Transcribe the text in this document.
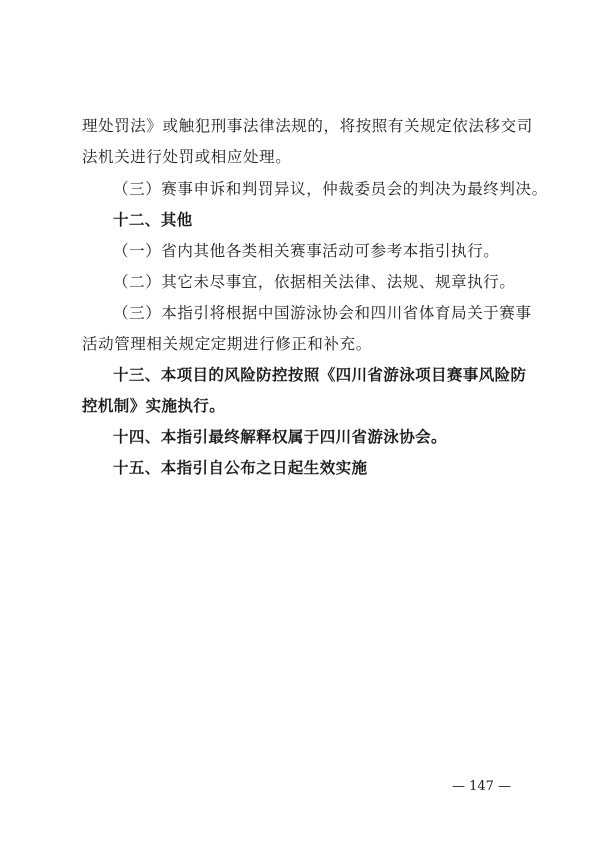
理处罚法》或触犯刑事法律法规的，将按照有关规定依法移交司
法机关进行处罚或相应处理。
（三）赛事申诉和判罚异议，仲裁委员会的判决为最终判决。
十二、其他
（一）省内其他各类相关赛事活动可参考本指引执行。
（二）其它未尽事宜，依据相关法律、法规、规章执行。
（三）本指引将根据中国游泳协会和四川省体育局关于赛事
活动管理相关规定定期进行修正和补充。
十三、本项目的风险防控按照《四川省游泳项目赛事风险防
控机制》实施执行。
十四、本指引最终解释权属于四川省游泳协会。
十五、本指引自公布之日起生效实施
— 147 —
